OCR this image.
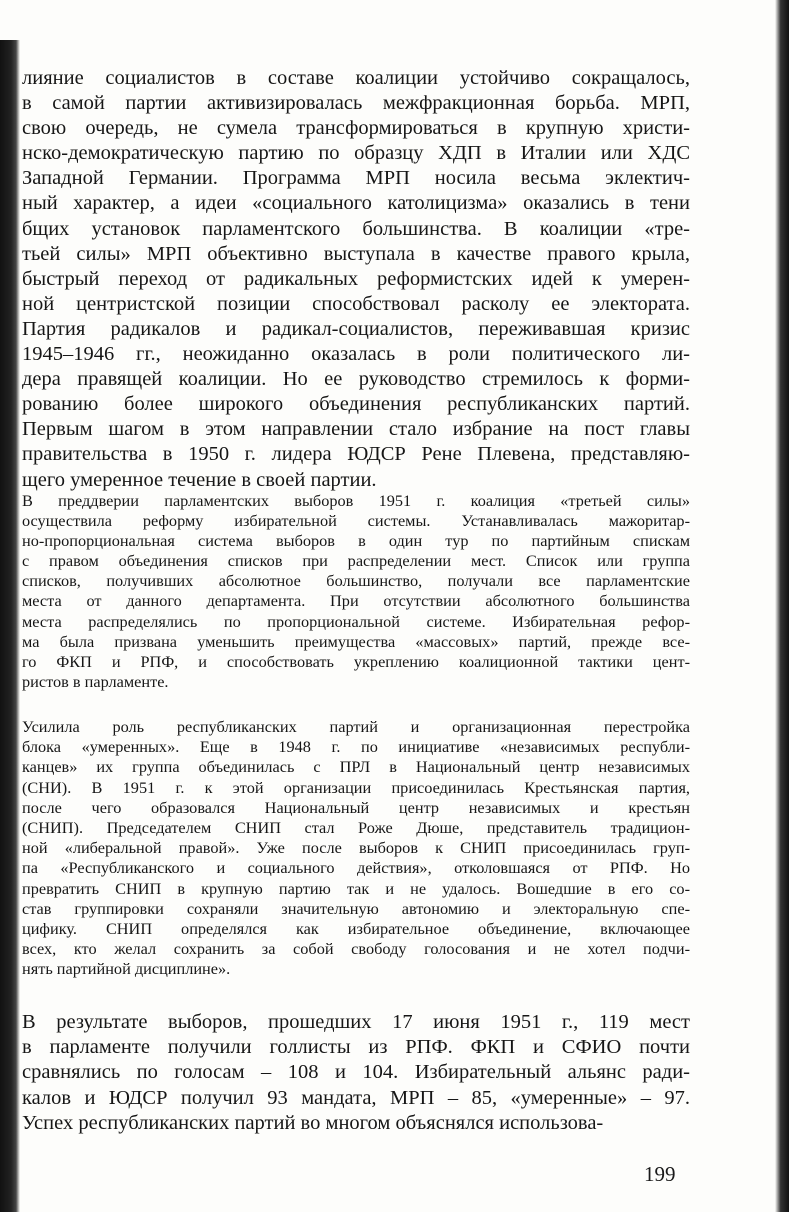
лияние социалистов в составе коалиции устойчиво сокращалось,
в самой партии активизировалась межфракционная борьба. МРП,
свою очередь, не сумела трансформироваться в крупную христи-
нско-демократическую партию по образцу ХДП в Италии или ХДС
Западной Германии. Программа МРП носила весьма эклектич-
ный характер, а идеи «социального католицизма» оказались в тени
бщих установок парламентского большинства. В коалиции «тре-
тьей силы» МРП объективно выступала в качестве правого крыла,
быстрый переход от радикальных реформистских идей к умерен-
ной центристской позиции способствовал расколу ее электората.
Партия радикалов и радикал-социалистов, переживавшая кризис
1945–1946 гг., неожиданно оказалась в роли политического ли-
дера правящей коалиции. Но ее руководство стремилось к форми-
рованию более широкого объединения республиканских партий.
Первым шагом в этом направлении стало избрание на пост главы
правительства в 1950 г. лидера ЮДСР Рене Плевена, представляю-
щего умеренное течение в своей партии.
В преддверии парламентских выборов 1951 г. коалиция «третьей силы»
осуществила реформу избирательной системы. Устанавливалась мажоритар-
но-пропорциональная система выборов в один тур по партийным спискам
с правом объединения списков при распределении мест. Список или группа
списков, получивших абсолютное большинство, получали все парламентские
места от данного департамента. При отсутствии абсолютного большинства
места распределялись по пропорциональной системе. Избирательная рефор-
ма была призвана уменьшить преимущества «массовых» партий, прежде все-
го ФКП и РПФ, и способствовать укреплению коалиционной тактики цент-
ристов в парламенте.
Усилила роль республиканских партий и организационная перестройка
блока «умеренных». Еще в 1948 г. по инициативе «независимых республи-
канцев» их группа объединилась с ПРЛ в Национальный центр независимых
(СНИ). В 1951 г. к этой организации присоединилась Крестьянская партия,
после чего образовался Национальный центр независимых и крестьян
(СНИП). Председателем СНИП стал Роже Дюше, представитель традицион-
ной «либеральной правой». Уже после выборов к СНИП присоединилась груп-
па «Республиканского и социального действия», отколовшаяся от РПФ. Но
превратить СНИП в крупную партию так и не удалось. Вошедшие в его со-
став группировки сохраняли значительную автономию и электоральную спе-
цифику. СНИП определялся как избирательное объединение, включающее
всех, кто желал сохранить за собой свободу голосования и не хотел подчи-
нять партийной дисциплине».
В результате выборов, прошедших 17 июня 1951 г., 119 мест
в парламенте получили голлисты из РПФ. ФКП и СФИО почти
сравнялись по голосам – 108 и 104. Избирательный альянс ради-
калов и ЮДСР получил 93 мандата, МРП – 85, «умеренные» – 97.
Успех республиканских партий во многом объяснялся использова-
199
